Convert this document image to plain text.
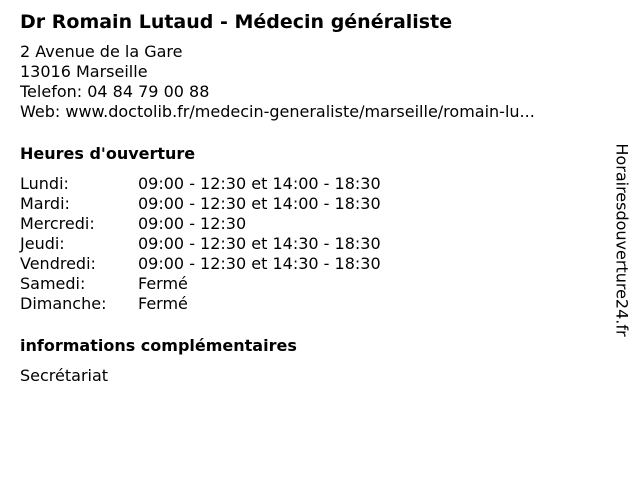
Dr Romain Lutaud - Médecin généraliste
2 Avenue de la Gare
13016 Marseille
Telefon: 04 84 79 00 88
Web: www.doctolib.fr/medecin-generaliste/marseille/romain-lu...
Heures d'ouverture
Lundi:	09:00 - 12:30 et 14:00 - 18:30
Mardi:	09:00 - 12:30 et 14:00 - 18:30
Mercredi:	09:00 - 12:30
Jeudi:	09:00 - 12:30 et 14:30 - 18:30
Vendredi:	09:00 - 12:30 et 14:30 - 18:30
Samedi:	Fermé
Dimanche:	Fermé
informations complémentaires
Secrétariat
Horairesdouverture24.fr
